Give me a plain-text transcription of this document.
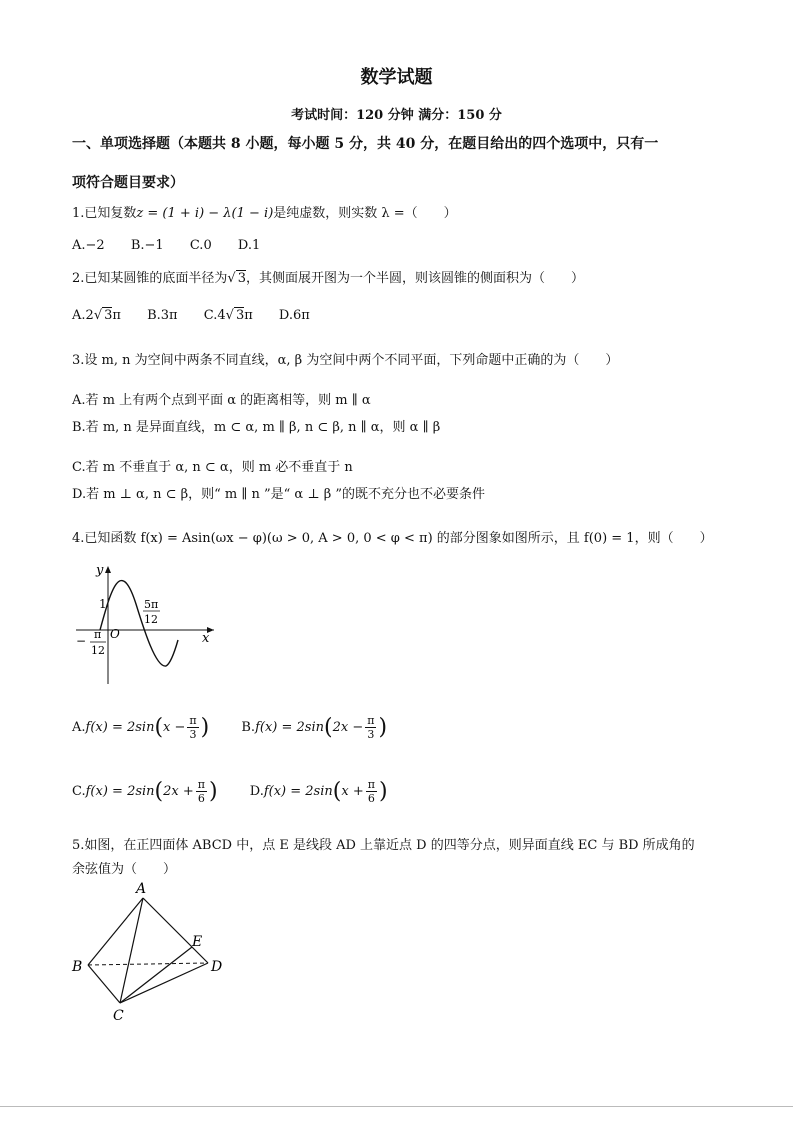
数学试题
考试时间：120 分钟 满分：150 分
一、单项选择题（本题共 8 小题，每小题 5 分，共 40 分，在题目给出的四个选项中，只有一
项符合题目要求）
1.已知复数z = (1 + i) − λ(1 − i)是纯虚数，则实数 λ =（　　）
A.−2 B.−1 C.0 D.1
2.已知某圆锥的底面半径为√ 3，其侧面展开图为一个半圆，则该圆锥的侧面积为（　　）
A.2√ 3π B.3π C.4√ 3π D.6π
3.设 m, n 为空间中两条不同直线，α, β 为空间中两个不同平面，下列命题中正确的为（　　）
A.若 m 上有两个点到平面 α 的距离相等，则 m ∥ α
B.若 m, n 是异面直线，m ⊂ α, m ∥ β, n ⊂ β, n ∥ α，则 α ∥ β
C.若 m 不垂直于 α, n ⊂ α，则 m 必不垂直于 n
D.若 m ⊥ α, n ⊂ β，则“ m ∥ n ”是“ α ⊥ β ”的既不充分也不必要条件
4.已知函数 f(x) = Asin(ωx − φ)(ω > 0, A > 0, 0 < φ < π) 的部分图象如图所示，且 f(0) = 1，则（　　）
y
x
O
1	5π
12
− π
12
$A.f(x) = 2\sin(x - \frac{\pi}{3}$ ) $B.f(x) = 2\sin(2x - \frac{\pi}{3}$ )
$C.f(x) = 2\sin(2x + \frac{\pi}{6}$ ) $D.f(x) = 2\sin(x + \frac{\pi}{6}$ )
5.如图，在正四面体 ABCD 中，点 E 是线段 AD 上靠近点 D 的四等分点，则异面直线 EC 与 BD 所成角的
余弦值为（　　）
A
B
C
D
E
